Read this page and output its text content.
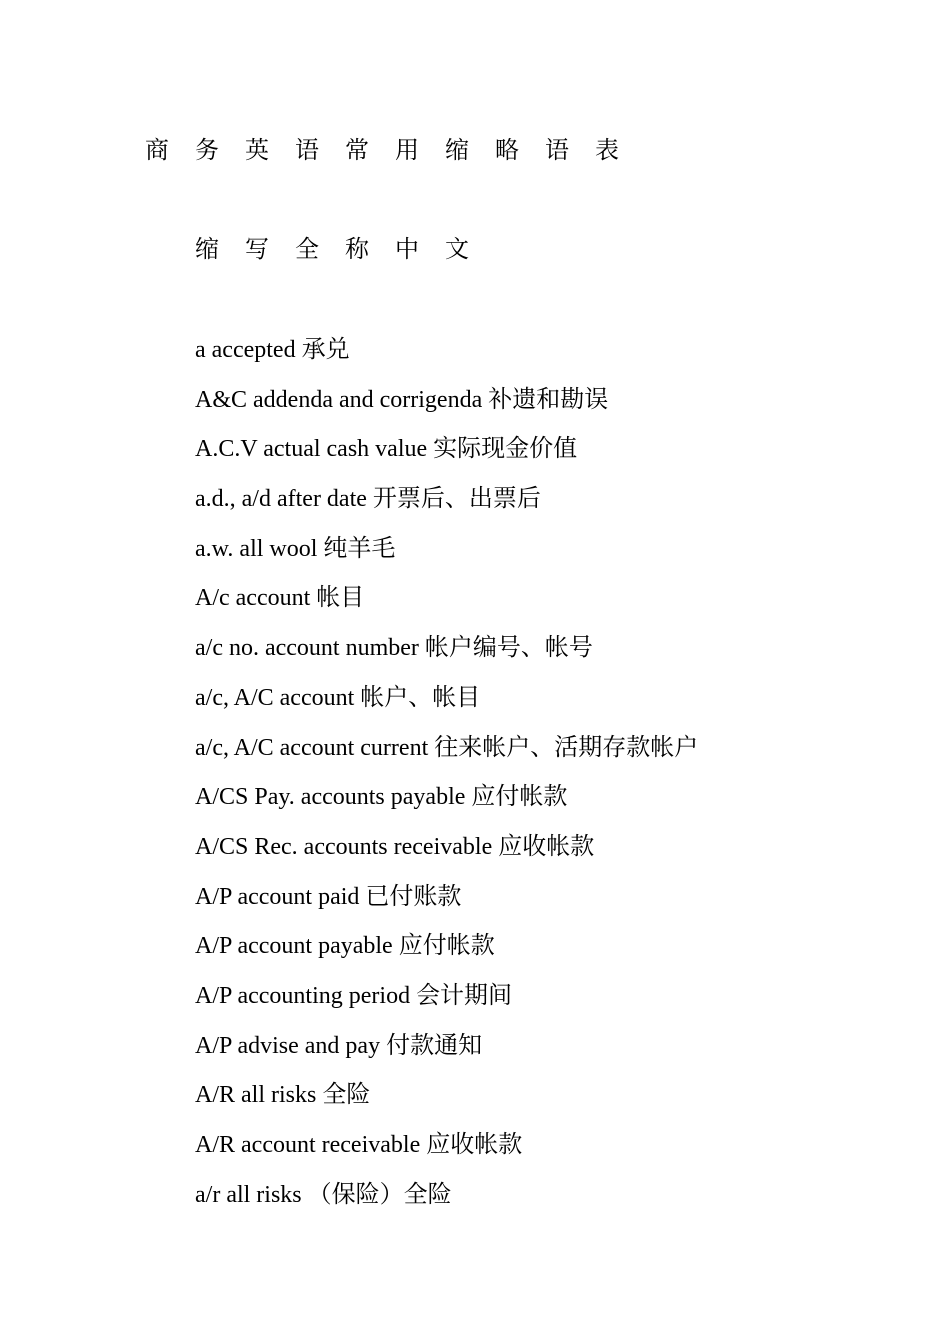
商 务 英 语 常 用 缩 略 语 表
缩 写 全 称 中 文
a accepted 承兑
A&C addenda and corrigenda 补遗和勘误
A.C.V actual cash value 实际现金价值
a.d., a/d after date 开票后、出票后
a.w. all wool 纯羊毛
A/c account 帐目
a/c no. account number 帐户编号、帐号
a/c, A/C account 帐户、帐目
a/c, A/C account current 往来帐户、活期存款帐户
A/CS Pay. accounts payable 应付帐款
A/CS Rec. accounts receivable 应收帐款
A/P account paid 已付账款
A/P account payable 应付帐款
A/P accounting period 会计期间
A/P advise and pay 付款通知
A/R all risks 全险
A/R account receivable 应收帐款
a/r all risks （保险）全险
